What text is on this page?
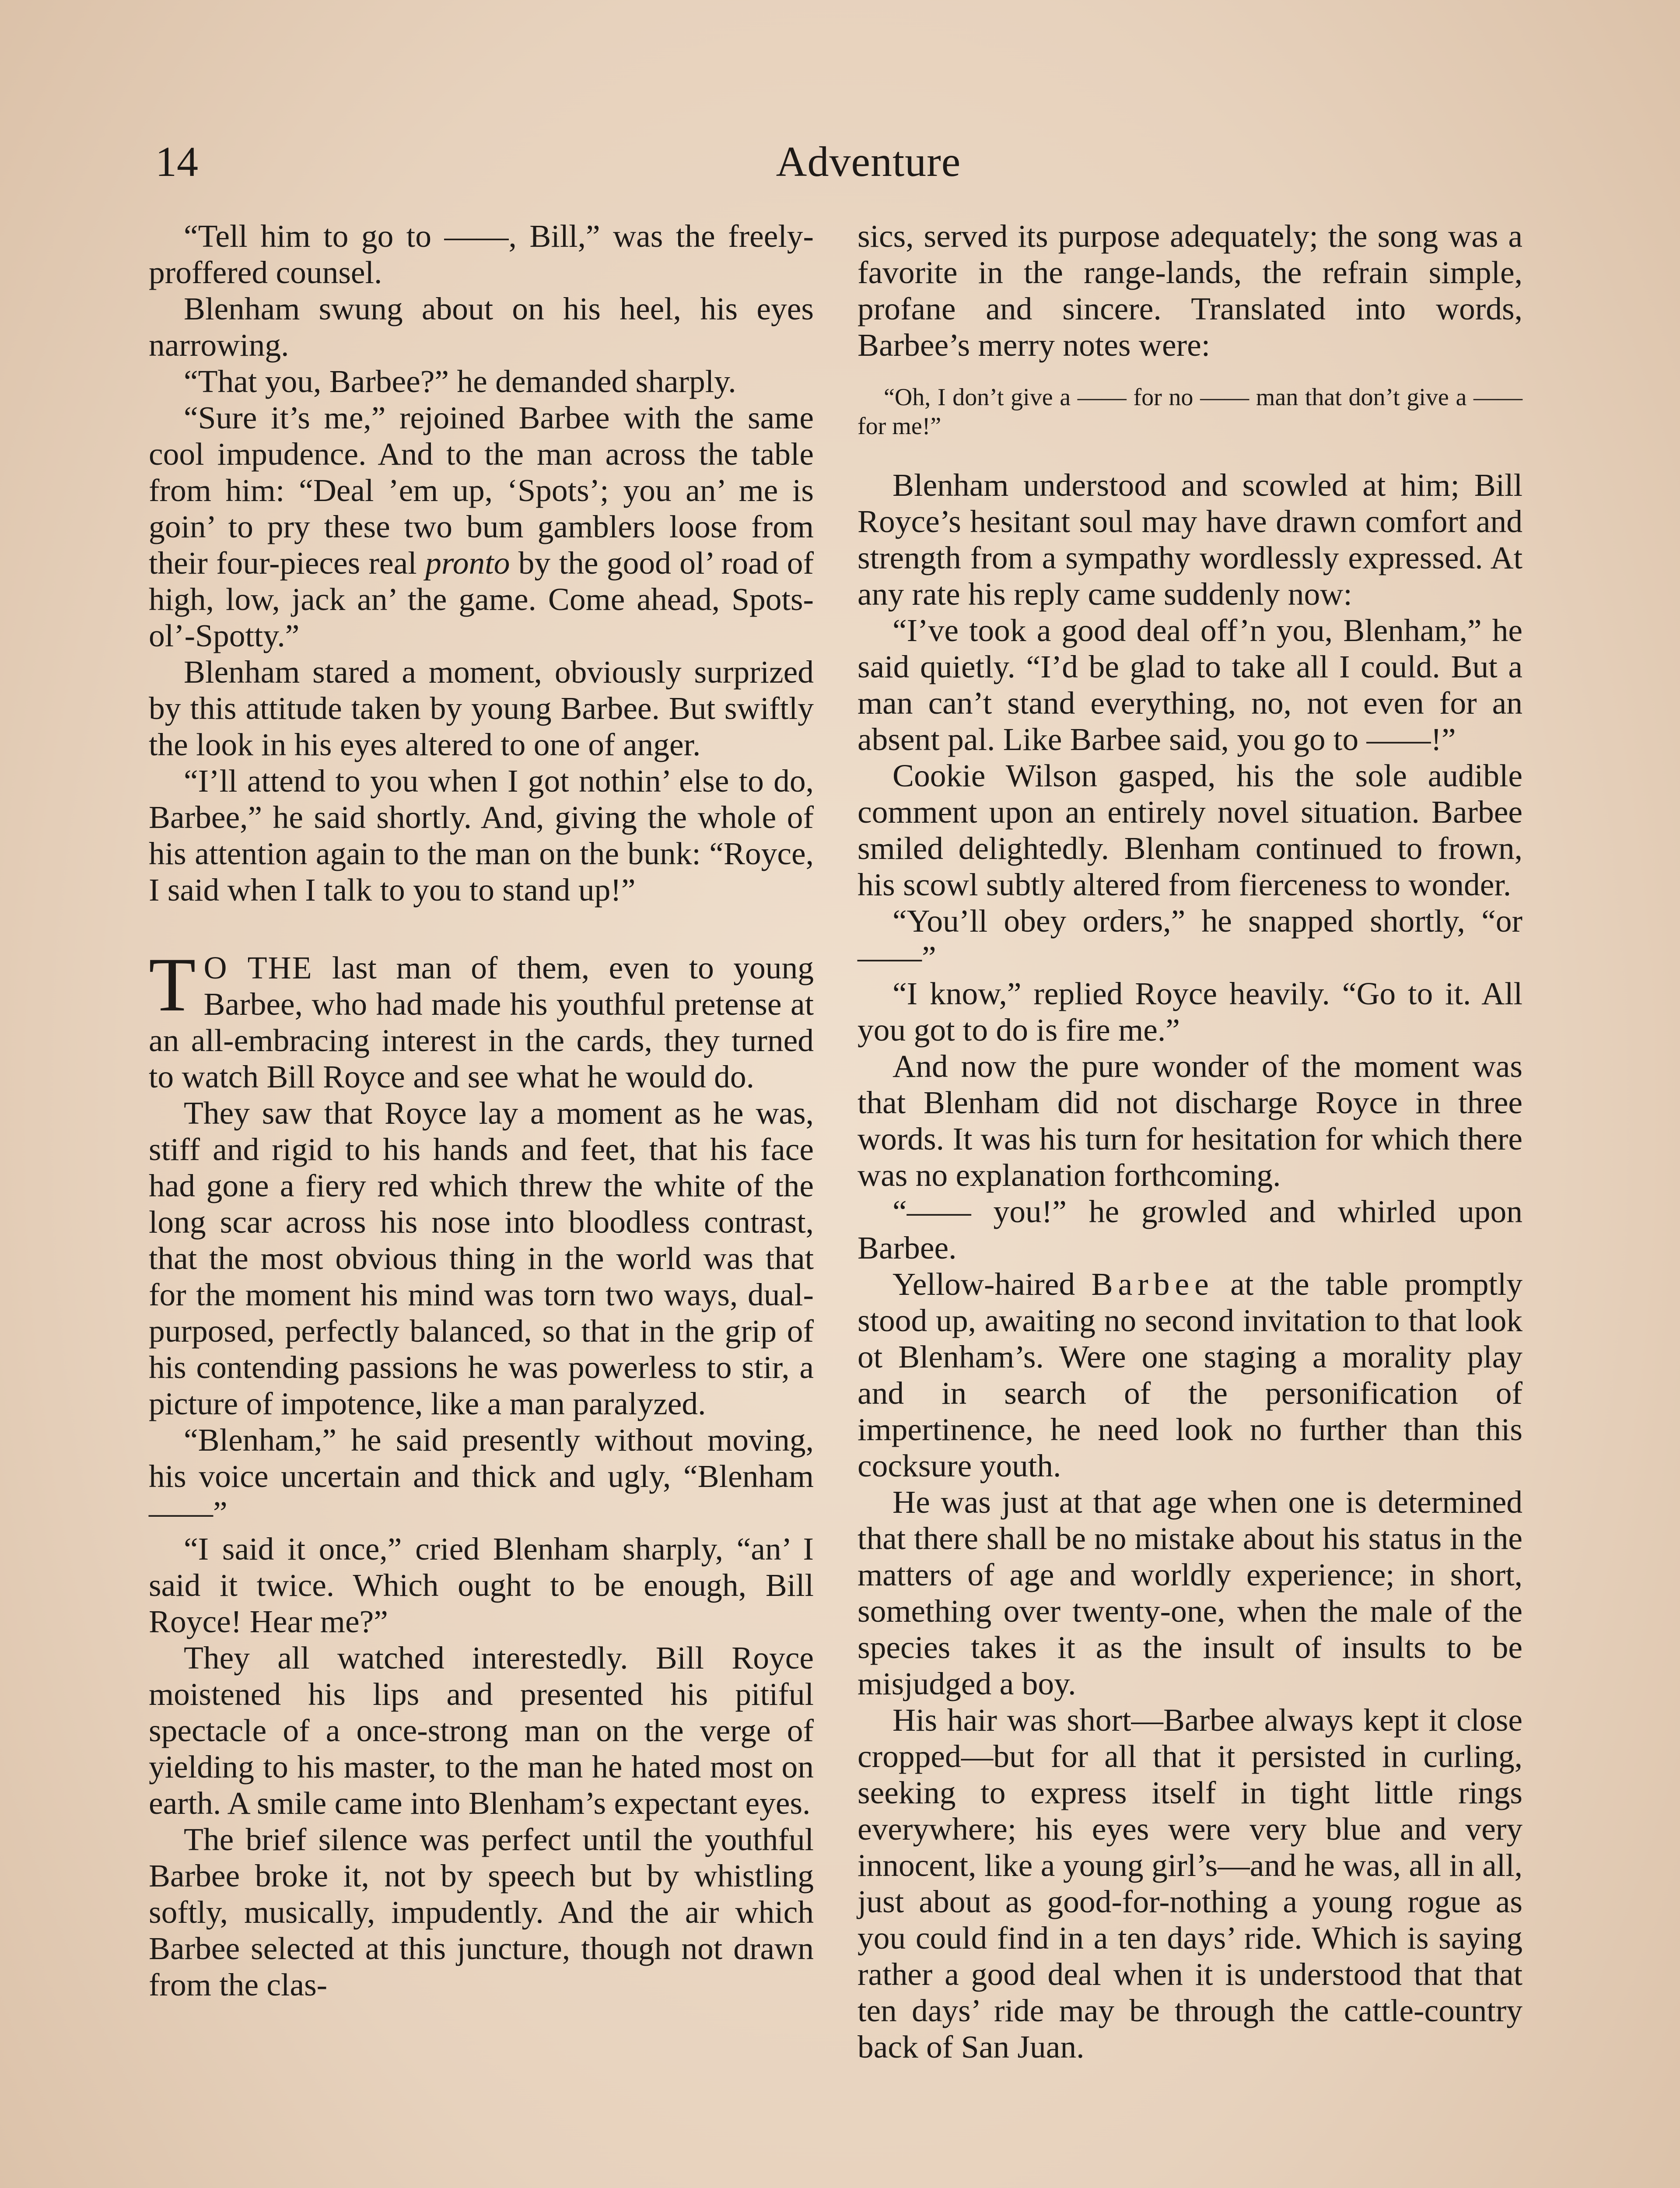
14	Adventure

“Tell him to go to ——, Bill,” was the freely-proffered counsel.

Blenham swung about on his heel, his eyes narrowing.

“That you, Barbee?” he demanded sharply.

“Sure it’s me,” rejoined Barbee with the same cool impudence. And to the man across the table from him: “Deal ’em up, ‘Spots’; you an’ me is goin’ to pry these two bum gamblers loose from their four-pieces real pronto by the good ol’ road of high, low, jack an’ the game. Come ahead, Spots-ol’-Spotty.”

Blenham stared a moment, obviously surprized by this attitude taken by young Barbee. But swiftly the look in his eyes altered to one of anger.

“I’ll attend to you when I got nothin’ else to do, Barbee,” he said shortly. And, giving the whole of his attention again to the man on the bunk: “Royce, I said when I talk to you to stand up!”

T O THE last man of them, even to young Barbee, who had made his youthful pretense at an all-embracing interest in the cards, they turned to watch Bill Royce and see what he would do.

They saw that Royce lay a moment as he was, stiff and rigid to his hands and feet, that his face had gone a fiery red which threw the white of the long scar across his nose into bloodless contrast, that the most obvious thing in the world was that for the moment his mind was torn two ways, dual-purposed, perfectly balanced, so that in the grip of his contending passions he was powerless to stir, a picture of impotence, like a man paralyzed.

“Blenham,” he said presently without moving, his voice uncertain and thick and ugly, “Blenham——”

“I said it once,” cried Blenham sharply, “an’ I said it twice. Which ought to be enough, Bill Royce! Hear me?”

They all watched interestedly. Bill Royce moistened his lips and presented his pitiful spectacle of a once-strong man on the verge of yielding to his master, to the man he hated most on earth. A smile came into Blenham’s expectant eyes.

The brief silence was perfect until the youthful Barbee broke it, not by speech but by whistling softly, musically, impudently. And the air which Barbee selected at this juncture, though not drawn from the clas-

sics, served its purpose adequately; the song was a favorite in the range-lands, the refrain simple, profane and sincere. Translated into words, Barbee’s merry notes were:

“Oh, I don’t give a —— for no —— man that don’t give a —— for me!”

Blenham understood and scowled at him; Bill Royce’s hesitant soul may have drawn comfort and strength from a sympathy wordlessly expressed. At any rate his reply came suddenly now:

“I’ve took a good deal off’n you, Blenham,” he said quietly. “I’d be glad to take all I could. But a man can’t stand everything, no, not even for an absent pal. Like Barbee said, you go to ——!”

Cookie Wilson gasped, his the sole audible comment upon an entirely novel situation. Barbee smiled delightedly. Blenham continued to frown, his scowl subtly altered from fierceness to wonder.

“You’ll obey orders,” he snapped shortly, “or ——”

“I know,” replied Royce heavily. “Go to it. All you got to do is fire me.”

And now the pure wonder of the moment was that Blenham did not discharge Royce in three words. It was his turn for hesitation for which there was no explanation forthcoming.

“—— you!” he growled and whirled upon Barbee.

Yellow-haired Barbee at the table promptly stood up, awaiting no second invitation to that look ot Blenham’s. Were one staging a morality play and in search of the personification of impertinence, he need look no further than this cocksure youth.

He was just at that age when one is determined that there shall be no mistake about his status in the matters of age and worldly experience; in short, something over twenty-one, when the male of the species takes it as the insult of insults to be misjudged a boy.

His hair was short—Barbee always kept it close cropped—but for all that it persisted in curling, seeking to express itself in tight little rings everywhere; his eyes were very blue and very innocent, like a young girl’s—and he was, all in all, just about as good-for-nothing a young rogue as you could find in a ten days’ ride. Which is saying rather a good deal when it is understood that that ten days’ ride may be through the cattle-country back of San Juan.
